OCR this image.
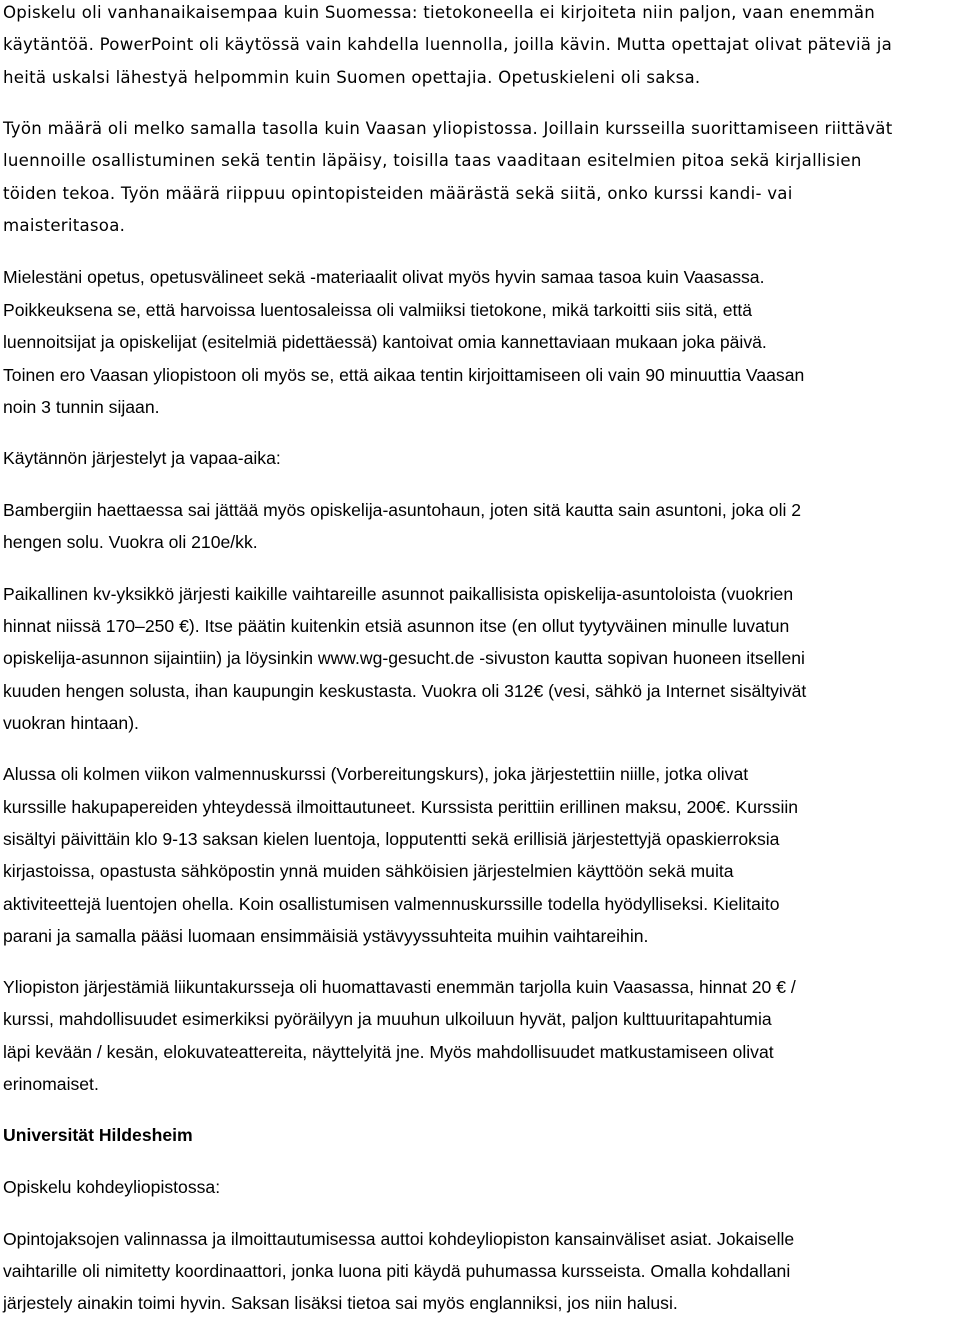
Opiskelu oli vanhanaikaisempaa kuin Suomessa: tietokoneella ei kirjoiteta niin paljon, vaan enemmän
käytäntöä. PowerPoint oli käytössä vain kahdella luennolla, joilla kävin. Mutta opettajat olivat päteviä ja
heitä uskalsi lähestyä helpommin kuin Suomen opettajia. Opetuskieleni oli saksa.
Työn määrä oli melko samalla tasolla kuin Vaasan yliopistossa. Joillain kursseilla suorittamiseen riittävät
luennoille osallistuminen sekä tentin läpäisy, toisilla taas vaaditaan esitelmien pitoa sekä kirjallisien
töiden tekoa. Työn määrä riippuu opintopisteiden määrästä sekä siitä, onko kurssi kandi- vai
maisteritasoa.
Mielestäni opetus, opetusvälineet sekä -materiaalit olivat myös hyvin samaa tasoa kuin Vaasassa.
Poikkeuksena se, että harvoissa luentosaleissa oli valmiiksi tietokone, mikä tarkoitti siis sitä, että
luennoitsijat ja opiskelijat (esitelmiä pidettäessä) kantoivat omia kannettaviaan mukaan joka päivä.
Toinen ero Vaasan yliopistoon oli myös se, että aikaa tentin kirjoittamiseen oli vain 90 minuuttia Vaasan
noin 3 tunnin sijaan.
Käytännön järjestelyt ja vapaa-aika:
Bambergiin haettaessa sai jättää myös opiskelija-asuntohaun, joten sitä kautta sain asuntoni, joka oli 2
hengen solu. Vuokra oli 210e/kk.
Paikallinen kv-yksikkö järjesti kaikille vaihtareille asunnot paikallisista opiskelija-asuntoloista (vuokrien
hinnat niissä 170–250 €). Itse päätin kuitenkin etsiä asunnon itse (en ollut tyytyväinen minulle luvatun
opiskelija-asunnon sijaintiin) ja löysinkin www.wg-gesucht.de -sivuston kautta sopivan huoneen itselleni
kuuden hengen solusta, ihan kaupungin keskustasta. Vuokra oli 312€ (vesi, sähkö ja Internet sisältyivät
vuokran hintaan).
Alussa oli kolmen viikon valmennuskurssi (Vorbereitungskurs), joka järjestettiin niille, jotka olivat
kurssille hakupapereiden yhteydessä ilmoittautuneet. Kurssista perittiin erillinen maksu, 200€. Kurssiin
sisältyi päivittäin klo 9-13 saksan kielen luentoja, lopputentti sekä erillisiä järjestettyjä opaskierroksia
kirjastoissa, opastusta sähköpostin ynnä muiden sähköisien järjestelmien käyttöön sekä muita
aktiviteettejä luentojen ohella. Koin osallistumisen valmennuskurssille todella hyödylliseksi. Kielitaito
parani ja samalla pääsi luomaan ensimmäisiä ystävyyssuhteita muihin vaihtareihin.
Yliopiston järjestämiä liikuntakursseja oli huomattavasti enemmän tarjolla kuin Vaasassa, hinnat 20 € /
kurssi, mahdollisuudet esimerkiksi pyöräilyyn ja muuhun ulkoiluun hyvät, paljon kulttuuritapahtumia
läpi kevään / kesän, elokuvateattereita, näyttelyitä jne. Myös mahdollisuudet matkustamiseen olivat
erinomaiset.
Universität Hildesheim
Opiskelu kohdeyliopistossa:
Opintojaksojen valinnassa ja ilmoittautumisessa auttoi kohdeyliopiston kansainväliset asiat. Jokaiselle
vaihtarille oli nimitetty koordinaattori, jonka luona piti käydä puhumassa kursseista. Omalla kohdallani
järjestely ainakin toimi hyvin. Saksan lisäksi tietoa sai myös englanniksi, jos niin halusi.
